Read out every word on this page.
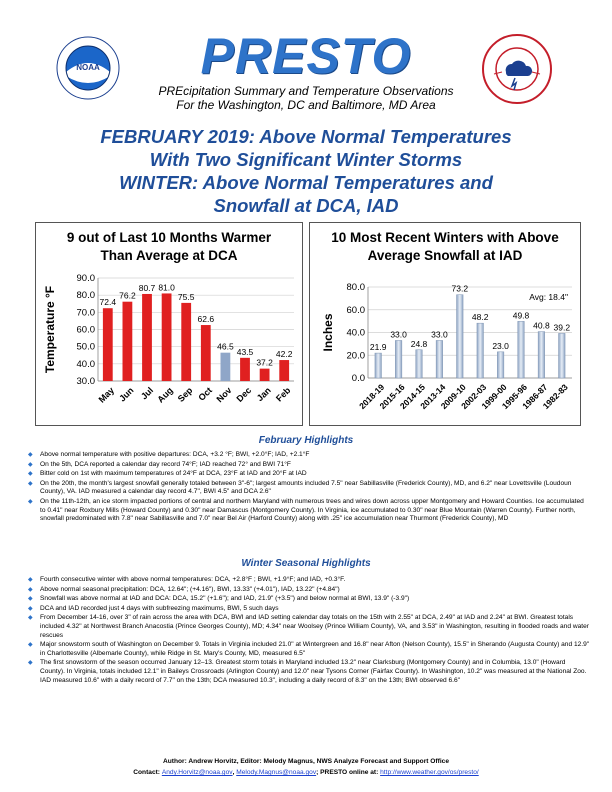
NOAA	PRESTO
PREcipitation Summary and Temperature Observations
For the Washington, DC and Baltimore, MD Area
FEBRUARY 2019: Above Normal Temperatures
With Two Significant Winter Storms
WINTER: Above Normal Temperatures and
Snowfall at DCA, IAD
9 out of Last 10 Months Warmer Than Average at DCA
30.0
40.0
50.0
60.0
70.0
80.0
90.0
Temperature °F	72.4
May
76.2
Jun
80.7
Jul
81.0
Aug
75.5
Sep
62.6
Oct
46.5
Nov
43.5
Dec
37.2
Jan
42.2
Feb
10 Most Recent Winters with Above Average Snowfall at IAD
0.0
20.0
40.0
60.0
80.0
Inches	21.9
2018-19
33.0
2015-16
24.8
2014-15
33.0
2013-14
73.2
2009-10
48.2
2002-03
23.0
1999-00
49.8
1995-96
40.8
1986-87
39.2
1982-83
Avg: 18.4"
February Highlights
◆ Above normal temperature with positive departures: DCA, +3.2 °F; BWI, +2.0°F; IAD, +2.1°F
◆ On the 5th, DCA reported a calendar day record 74°F; IAD reached 72° and BWI 71°F
◆ Bitter cold on 1st with maximum temperatures of 24°F at DCA, 23°F at IAD and 20°F at IAD
◆ On the 20th, the month's largest snowfall generally totaled between 3"-6"; largest amounts included 7.5" near Sabillasville (Frederick County), MD, and 6.2" near Lovettsville (Loudoun County), VA. IAD measured a calendar day record 4.7", BWI 4.5" and DCA 2.6"
◆ On the 11th-12th, an ice storm impacted portions of central and northern Maryland with numerous trees and wires down across upper Montgomery and Howard Counties. Ice accumulated to 0.41" near Roxbury Mills (Howard County) and 0.30" near Damascus (Montgomery County). In Virginia, ice accumulated to 0.30" near Blue Mountain (Warren County). Further north, snowfall predominated with 7.8" near Sabillasville and 7.0" near Bel Air (Harford County) along with .25" ice accumulation near Thurmont (Frederick County), MD
Winter Seasonal Highlights
◆ Fourth consecutive winter with above normal temperatures: DCA, +2.8°F ; BWI, +1.9°F; and IAD, +0.3°F.
◆ Above normal seasonal precipitation: DCA, 12.64"; (+4.16"), BWI, 13.33" (+4.01"), IAD, 13.22" (+4.84")
◆ Snowfall was above normal at IAD and DCA: DCA, 15.2" (+1.6"); and IAD, 21.9" (+3.5") and below normal at BWI, 13.9" (-3.9")
◆ DCA and IAD recorded just 4 days with subfreezing maximums, BWI, 5 such days
◆ From December 14-16, over 3" of rain across the area with DCA, BWI and IAD setting calendar day totals on the 15th with 2.55" at DCA, 2.49" at IAD and 2.24" at BWI. Greatest totals included 4.32" at Northwest Branch Anacostia (Prince Georges County), MD; 4.34" near Woolsey (Prince William County), VA, and 3.53" in Washington, resulting in flooded roads and water rescues
◆ Major snowstorm south of Washington on December 9. Totals in Virginia included 21.0" at Wintergreen and 16.8" near Afton (Nelson County), 15.5" in Sherando (Augusta County) and 12.9" in Charlottesville (Albemarle County), while Ridge in St. Mary's County, MD, measured 6.5"
◆ The first snowstorm of the season occurred January 12–13. Greatest storm totals in Maryland included 13.2" near Clarksburg (Montgomery County) and in Columbia, 13.0" (Howard County). In Virginia, totals included 12.1" in Baileys Crossroads (Arlington County) and 12.0" near Tysons Corner (Fairfax County). In Washington, 10.2" was measured at the National Zoo. IAD measured 10.6" with a daily record of 7.7" on the 13th; DCA measured 10.3", including a daily record of 8.3" on the 13th; BWI observed 6.6"
Author: Andrew Horvitz, Editor: Melody Magnus, NWS Analyze Forecast and Support Office
Contact: Andy.Horvitz@noaa.gov, Melody.Magnus@noaa.gov; PRESTO online at: http://www.weather.gov/os/presto/
